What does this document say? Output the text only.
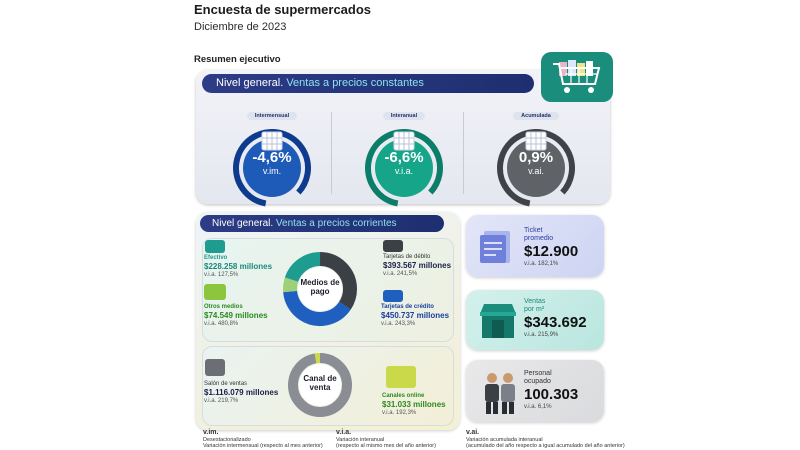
Encuesta de supermercados
Diciembre de 2023
Resumen ejecutivo
Nivel general. Ventas a precios constantes
Intermensual
-4,6%
v.im.
Interanual
-6,6%
v.i.a.
Acumulada
0,9%
v.ai.
Nivel general. Ventas a precios corrientes
Efectivo
$228.258 millones
v.i.a. 127,5%
Otros medios
$74.549 millones
v.i.a. 480,8%
Tarjetas de débito
$393.567 millones
v.i.a. 241,5%
Tarjetas de crédito
$450.737 millones
v.i.a. 243,3%
Medios de pago
Salón de ventas
$1.116.079 millones
v.i.a. 219,7%
Canales online
$31.033 millones
v.i.a. 192,3%
Canal de venta
Ticket
promedio
$12.900
v.i.a. 182,1%
Ventas
por m²
$343.692
v.i.a. 215,9%
Personal
ocupado
100.303
v.i.a. 6,1%
v.im.
Desestacionalizado
Variación intermensual (respecto al mes anterior)
v.i.a.
Variación interanual
(respecto al mismo mes del año anterior)
v.ai.
Variación acumulada interanual
(acumulado del año respecto a igual acumulado del año anterior)
